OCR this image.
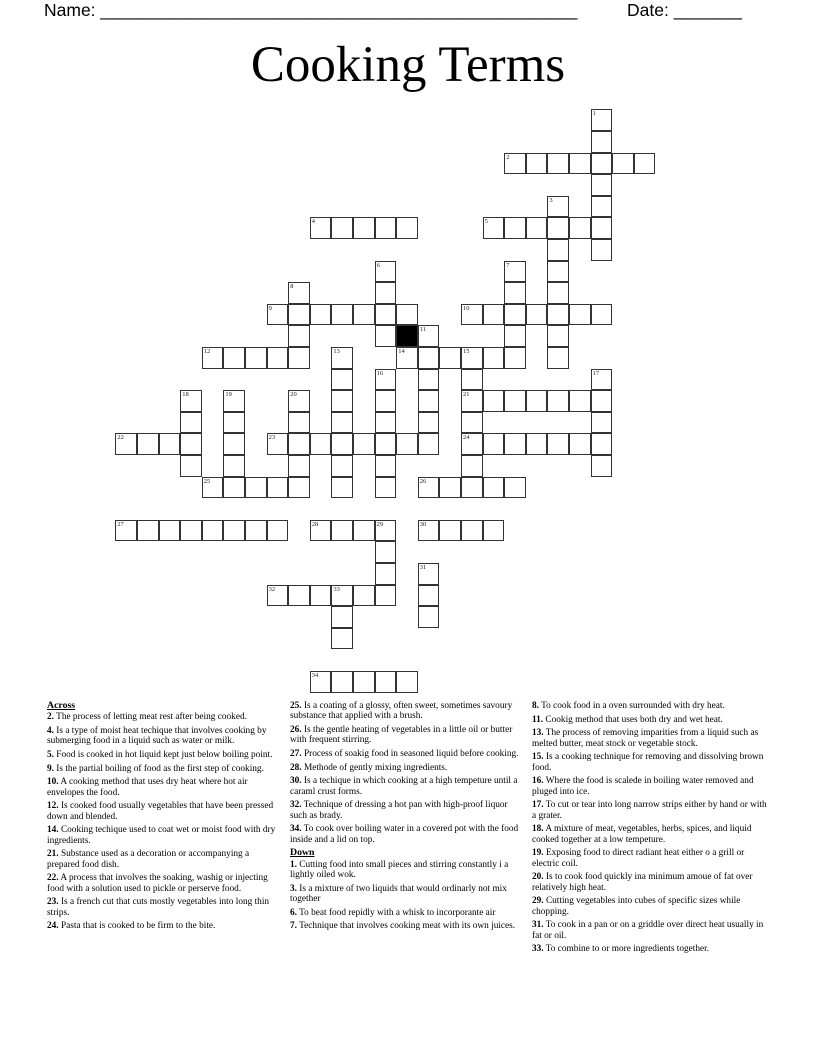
Name: _________________________________________________	Date: _______
Cooking Terms
1
2
3
4	5
6	7
8
9	10
11
12	13	14	15
21
24
16	17
18	19	20
22	23
25	26
27	28	29	30
31
32	33
34
Across
2. The process of letting meat rest after being cooked.
4. Is a type of moist heat techique that involves cooking by submerging food in a liquid such as water or milk.
5. Food is cooked in hot liquid kept just below boiling point.
9. Is the partial boiling of food as the first step of cooking.
10. A cooking method that uses dry heat where hot air envelopes the food.
12. Is cooked food usually vegetables that have been pressed down and blended.
14. Cooking techique used to coat wet or moist food with dry ingredients.
21. Substance used as a decoration or accompanying a prepared food dish.
22. A process that involves the soaking, washig or injecting food with a solution used to pickle or perserve food.
23. Is a french cut that cuts mostly vegetables into long thin strips.
24. Pasta that is cooked to be firm to the bite.
25. Is a coating of a glossy, often sweet, sometimes savoury substance that applied with a brush.
26. Is the gentle heating of vegetables in a little oil or butter with frequent stirring.
27. Process of soakig food in seasoned liquid before cooking.
28. Methode of gently mixing ingredients.
30. Is a techique in which cooking at a high tempeture until a caraml crust forms.
32. Technique of dressing a hot pan with high-proof liquor such as brady.
34. To cook over boiling water in a covered pot with the food inside and a lid on top.
Down
1. Cutting food into small pieces and stirring constantly i a lightly oiled wok.
3. Is a mixture of two liquids that would ordinarly not mix together
6. To beat food repidly with a whisk to incorporante air
7. Technique that involves cooking meat with its own juices.
8. To cook food in a oven surrounded with dry heat.
11. Cookig method that uses both dry and wet heat.
13. The process of removing imparities from a liquid such as melted butter, meat stock or vegetable stock.
15. Is a cooking technique for removing and dissolving brown food.
16. Where the food is scalede in boiling water removed and pluged into ice.
17. To cut or tear into long narrow strips either by hand or with a grater.
18. A mixture of meat, vegetables, herbs, spices, and liquid cooked together at a low tempeture.
19. Exposing food to direct radiant heat either o a grill or electric coil.
20. Is to cook food quickly ina minimum amoue of fat over relatively high heat.
29. Cutting vegetables into cubes of specific sizes while chopping.
31. To cook in a pan or on a griddle over direct heat usually in fat or oil.
33. To combine to or more ingredients together.
